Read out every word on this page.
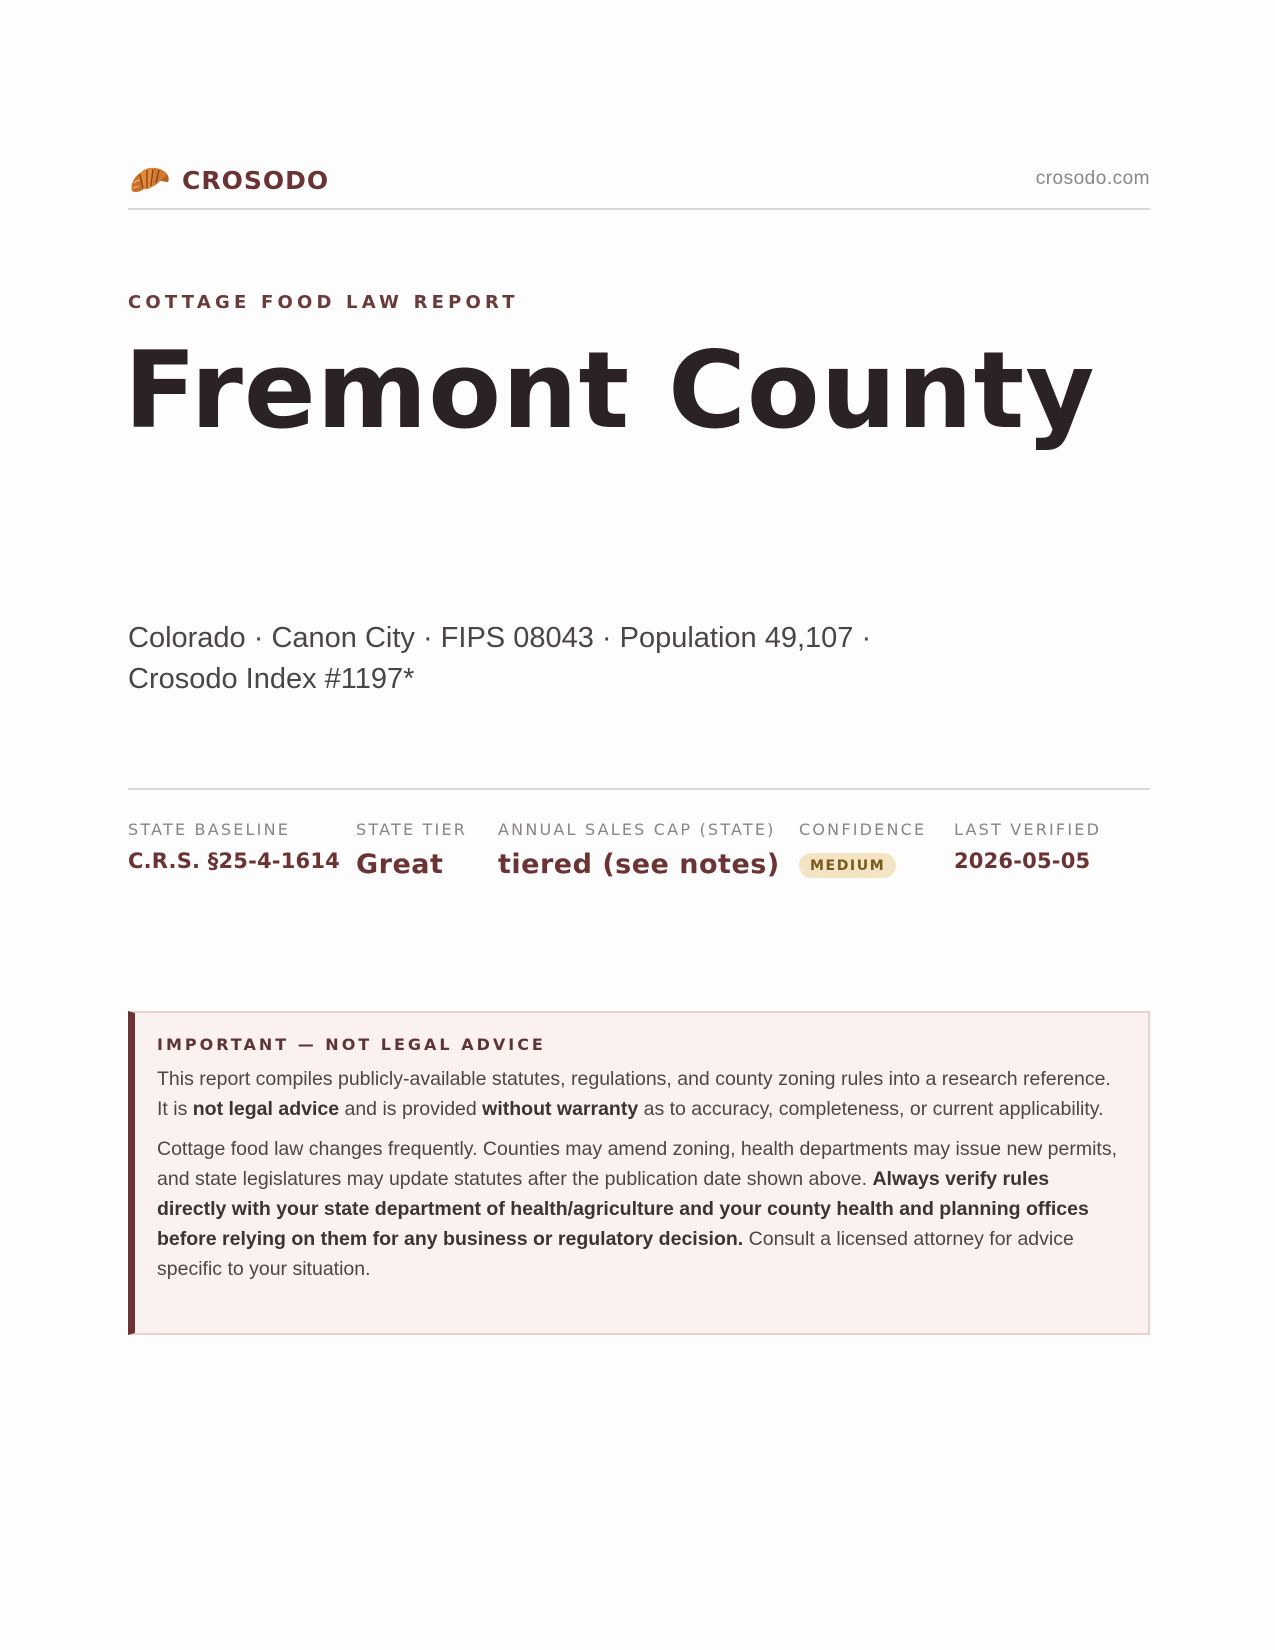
CROSODO	crosodo.com
COTTAGE FOOD LAW REPORT
Fremont County
Colorado · Canon City · FIPS 08043 · Population 49,107 ·
Crosodo Index #1197*
STATE BASELINE
C.R.S. §25-4-1614
STATE TIER
Great
ANNUAL SALES CAP (STATE)
tiered (see notes)
CONFIDENCE
MEDIUM
LAST VERIFIED
2026-05-05
IMPORTANT — NOT LEGAL ADVICE

This report compiles publicly-available statutes, regulations, and county zoning rules into a research reference. It is not legal advice and is provided without warranty as to accuracy, completeness, or current applicability.

Cottage food law changes frequently. Counties may amend zoning, health departments may issue new permits, and state legislatures may update statutes after the publication date shown above. Always verify rules directly with your state department of health/agriculture and your county health and planning offices before relying on them for any business or regulatory decision. Consult a licensed attorney for advice specific to your situation.
